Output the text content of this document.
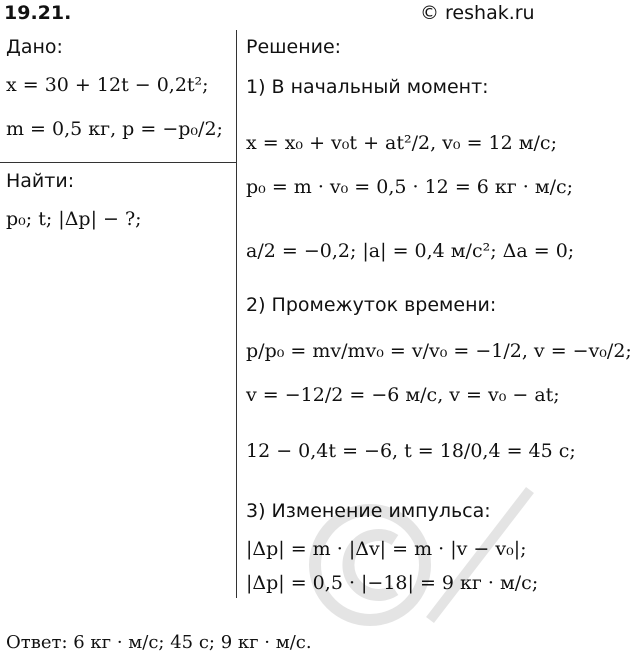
19.21.	© reshak.ru
Дано:
x = 30 + 12t − 0,2t²;
m = 0,5 кг, p = −p₀/2;
Найти:
p₀; t; |Δp| − ?;
Решение:
1) В начальный момент:
x = x₀ + v₀t + at²/2, v₀ = 12 м/с;
p₀ = m · v₀ = 0,5 · 12 = 6 кг · м/с;
a/2 = −0,2; |a| = 0,4 м/с²; Δa = 0;
2) Промежуток времени:
p/p₀ = mv/mv₀ = v/v₀ = −1/2, v = −v₀/2;
v = −12/2 = −6 м/с, v = v₀ − at;
12 − 0,4t = −6, t = 18/0,4 = 45 с;
3) Изменение импульса:
|Δp| = m · |Δv| = m · |v − v₀|;
|Δp| = 0,5 · |−18| = 9 кг · м/с;
Ответ: 6 кг · м/с; 45 с; 9 кг · м/с.
